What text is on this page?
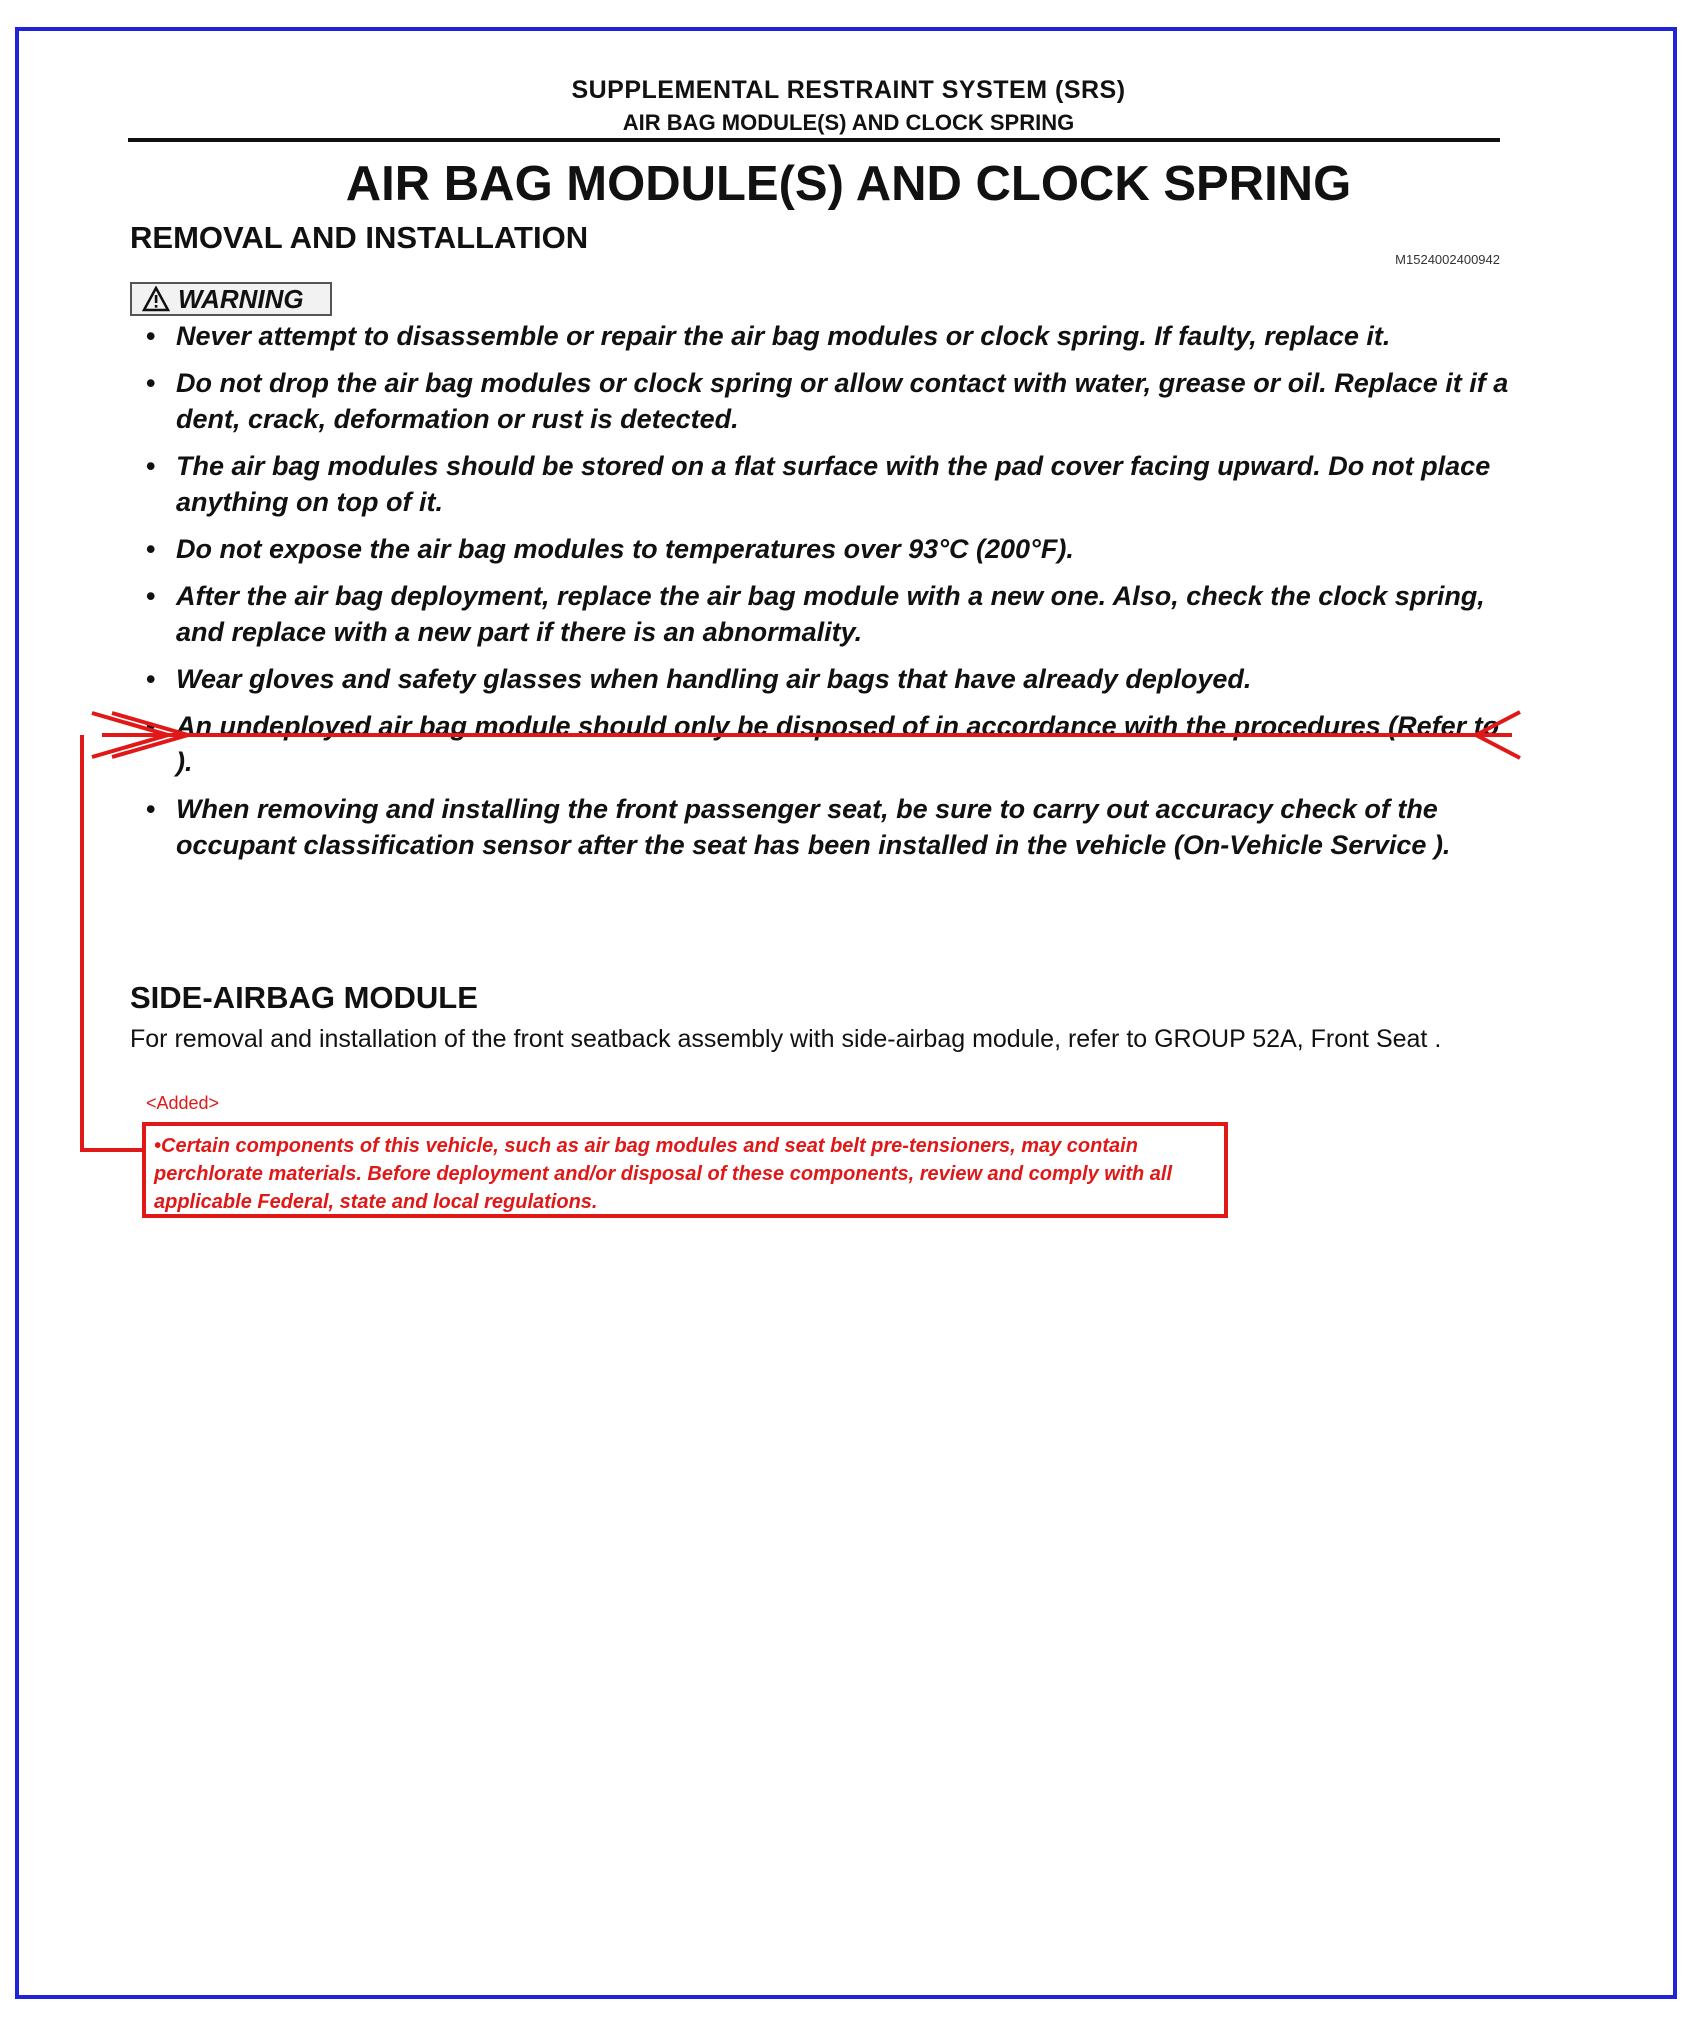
SUPPLEMENTAL RESTRAINT SYSTEM (SRS)
AIR BAG MODULE(S) AND CLOCK SPRING
AIR BAG MODULE(S) AND CLOCK SPRING
REMOVAL AND INSTALLATION
M1524002400942
WARNING
• Never attempt to disassemble or repair the air bag modules or clock spring. If faulty, replace it.
• Do not drop the air bag modules or clock spring or allow contact with water, grease or oil. Replace it if a dent, crack, deformation or rust is detected.
• The air bag modules should be stored on a flat surface with the pad cover facing upward. Do not place anything on top of it.
• Do not expose the air bag modules to temperatures over 93°C (200°F).
• After the air bag deployment, replace the air bag module with a new one. Also, check the clock spring, and replace with a new part if there is an abnormality.
• Wear gloves and safety glasses when handling air bags that have already deployed.
• An undeployed air bag module should only be disposed of in accordance with the procedures (Refer to ).
• When removing and installing the front passenger seat, be sure to carry out accuracy check of the occupant classification sensor after the seat has been installed in the vehicle (On-Vehicle Service ).
SIDE-AIRBAG MODULE
For removal and installation of the front seatback assembly with side-airbag module, refer to GROUP 52A, Front Seat .
<Added>
•Certain components of this vehicle, such as air bag modules and seat belt pre-tensioners, may contain perchlorate materials. Before deployment and/or disposal of these components, review and comply with all applicable Federal, state and local regulations.
